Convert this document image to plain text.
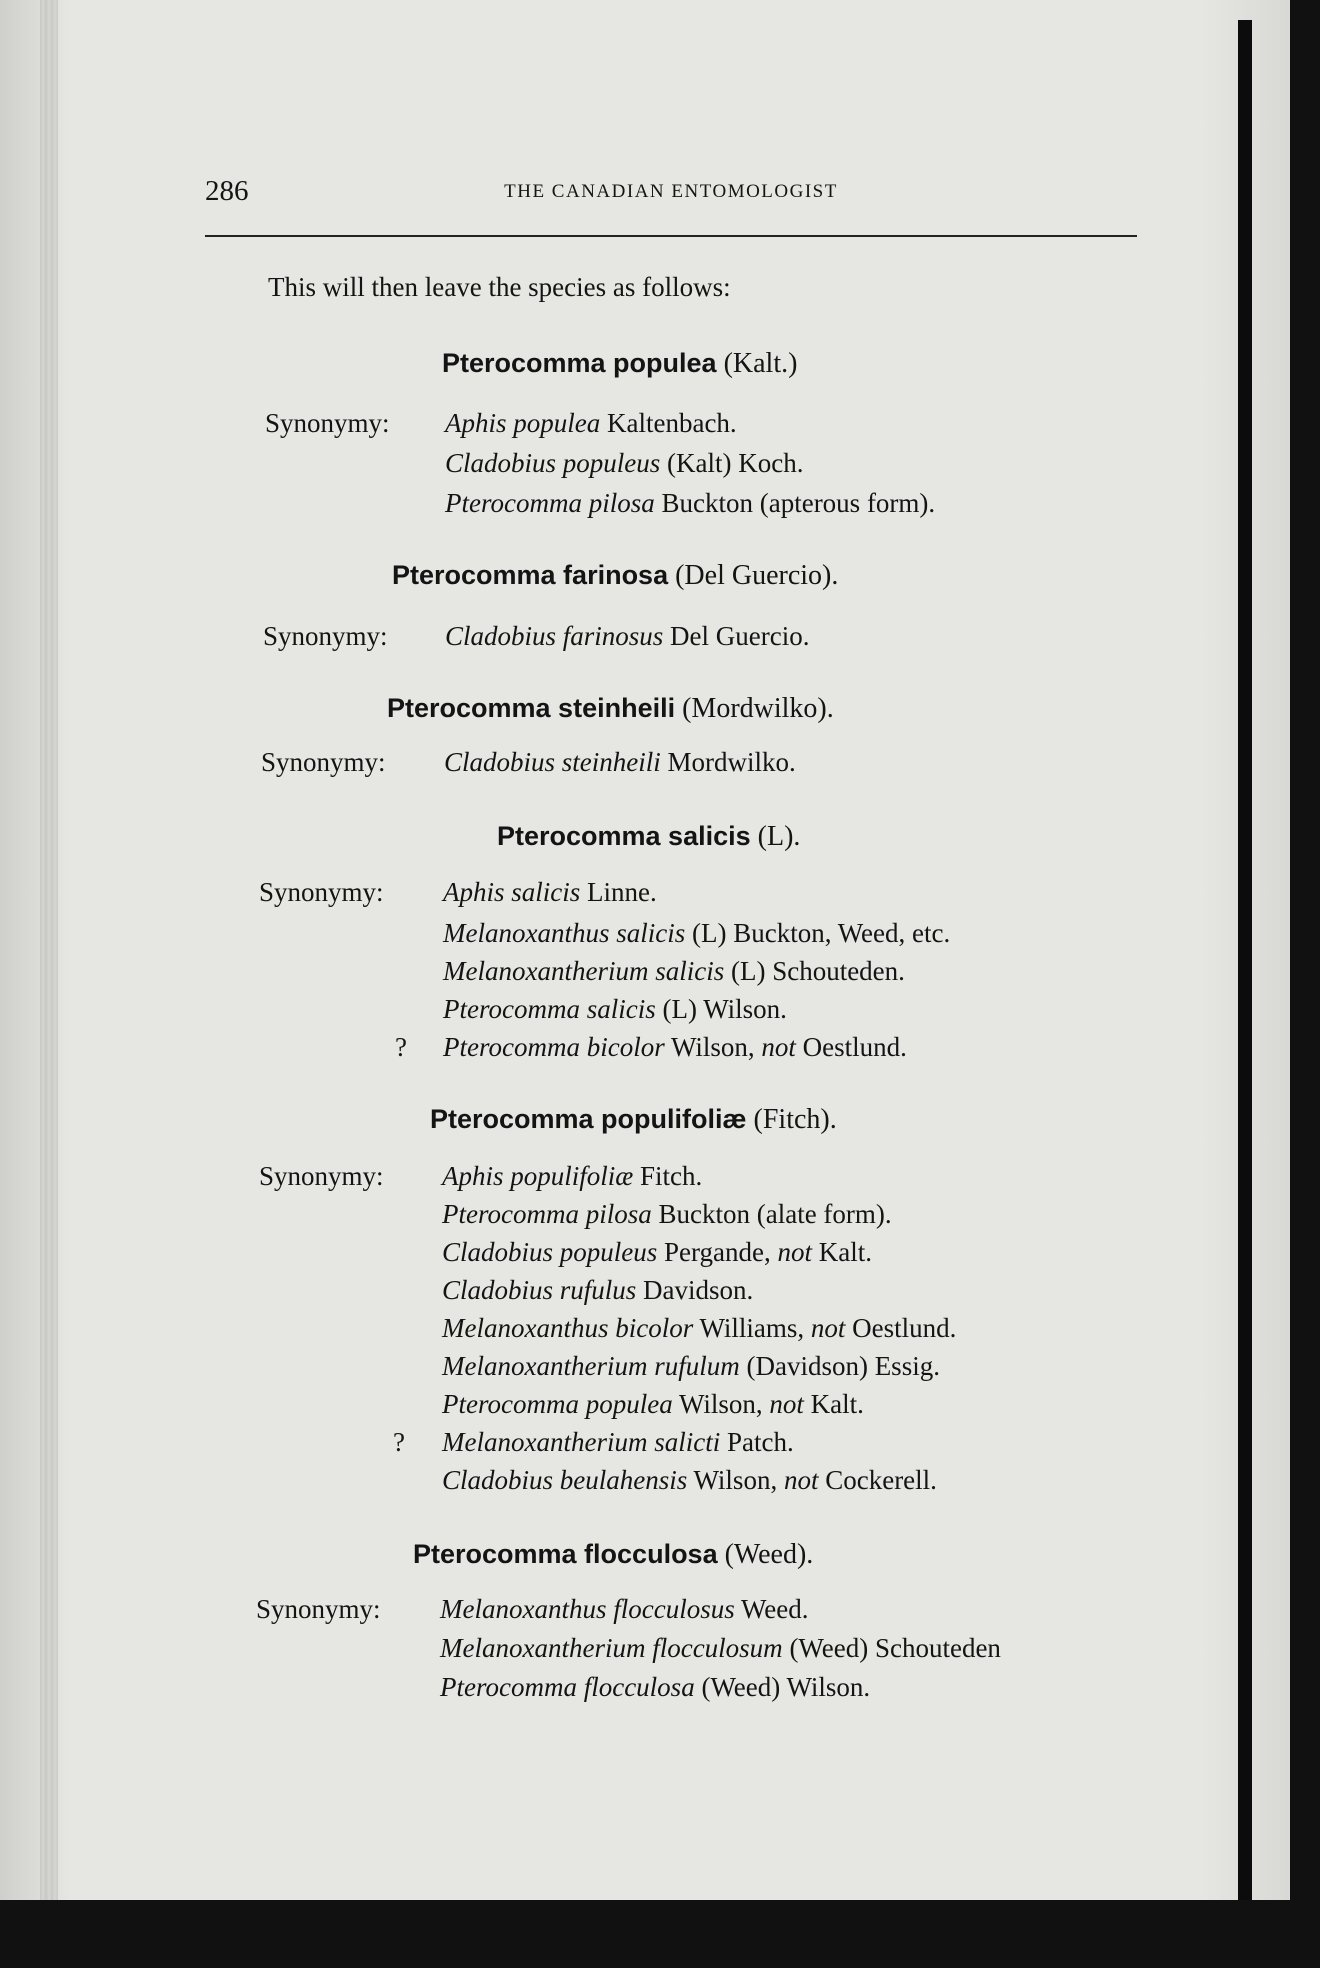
286	THE CANADIAN ENTOMOLOGIST
This will then leave the species as follows:
Pterocomma populea (Kalt.)
Synonymy: Aphis populea Kaltenbach.
Cladobius populeus (Kalt) Koch.
Pterocomma pilosa Buckton (apterous form).
Pterocomma farinosa (Del Guercio).
Synonymy: Cladobius farinosus Del Guercio.
Pterocomma steinheili (Mordwilko).
Synonymy: Cladobius steinheili Mordwilko.
Pterocomma salicis (L).
Synonymy: Aphis salicis Linne.
Melanoxanthus salicis (L) Buckton, Weed, etc.
Melanoxantherium salicis (L) Schouteden.
Pterocomma salicis (L) Wilson.
? Pterocomma bicolor Wilson, not Oestlund.
Pterocomma populifoliæ (Fitch).
Synonymy: Aphis populifoliæ Fitch.
Pterocomma pilosa Buckton (alate form).
Cladobius populeus Pergande, not Kalt.
Cladobius rufulus Davidson.
Melanoxanthus bicolor Williams, not Oestlund.
Melanoxantherium rufulum (Davidson) Essig.
Pterocomma populea Wilson, not Kalt.
? Melanoxantherium salicti Patch.
Cladobius beulahensis Wilson, not Cockerell.
Pterocomma flocculosa (Weed).
Synonymy: Melanoxanthus flocculosus Weed.
Melanoxantherium flocculosum (Weed) Schouteden
Pterocomma flocculosa (Weed) Wilson.
